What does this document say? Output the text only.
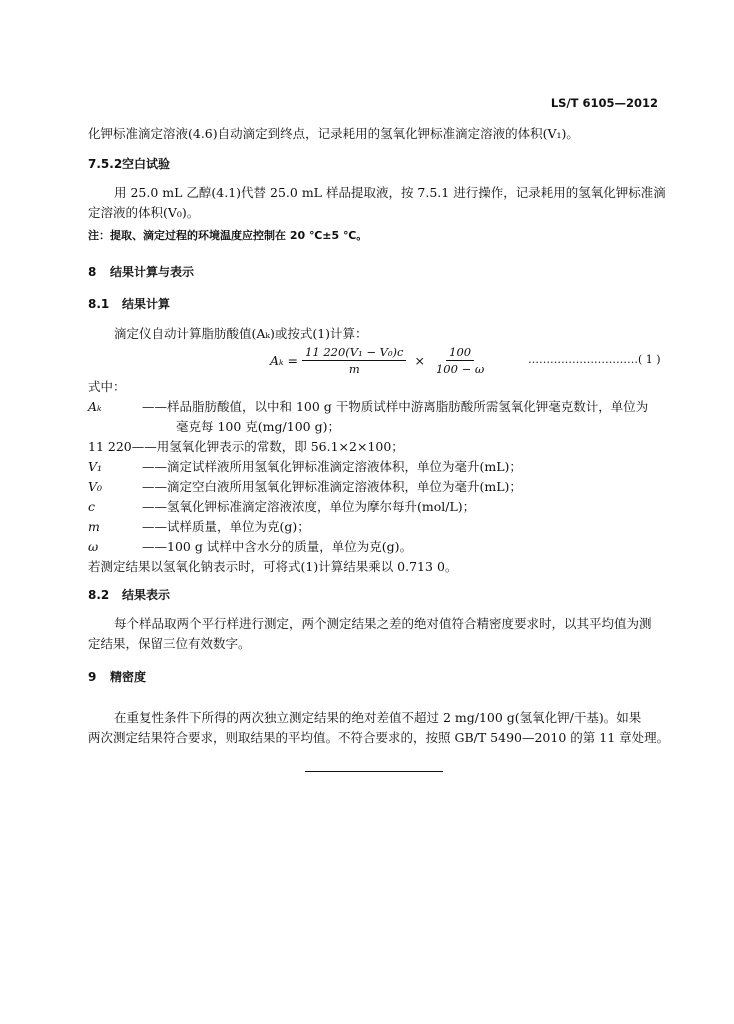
LS/T 6105—2012
化钾标准滴定溶液(4.6)自动滴定到终点，记录耗用的氢氧化钾标准滴定溶液的体积(V₁)。
7.5.2空白试验
用 25.0 mL 乙醇(4.1)代替 25.0 mL 样品提取液，按 7.5.1 进行操作，记录耗用的氢氧化钾标准滴
定溶液的体积(V₀)。
注：提取、滴定过程的环境温度应控制在 20 ℃±5 ℃。
8 结果计算与表示
8.1 结果计算
滴定仪自动计算脂肪酸值(Aₖ)或按式(1)计算：
$A_k = \frac{\text{11 220(V₁ − V₀)c}}{m} \times \frac{100}{100 - \omega}$	…………………………( 1 )
式中：
Aₖ	——样品脂肪酸值，以中和 100 g 干物质试样中游离脂肪酸所需氢氧化钾毫克数计，单位为
毫克每 100 克(mg/100 g)；
11 220——用氢氧化钾表示的常数，即 56.1×2×100；
V₁	——滴定试样液所用氢氧化钾标准滴定溶液体积，单位为毫升(mL)；
V₀	——滴定空白液所用氢氧化钾标准滴定溶液体积，单位为毫升(mL)；
c	——氢氧化钾标准滴定溶液浓度，单位为摩尔每升(mol/L)；
m	——试样质量，单位为克(g)；
ω	——100 g 试样中含水分的质量，单位为克(g)。
若测定结果以氢氧化钠表示时，可将式(1)计算结果乘以 0.713 0。
8.2 结果表示
每个样品取两个平行样进行测定，两个测定结果之差的绝对值符合精密度要求时，以其平均值为测
定结果，保留三位有效数字。
9 精密度
在重复性条件下所得的两次独立测定结果的绝对差值不超过 2 mg/100 g(氢氧化钾/干基)。如果
两次测定结果符合要求，则取结果的平均值。不符合要求的，按照 GB/T 5490—2010 的第 11 章处理。
